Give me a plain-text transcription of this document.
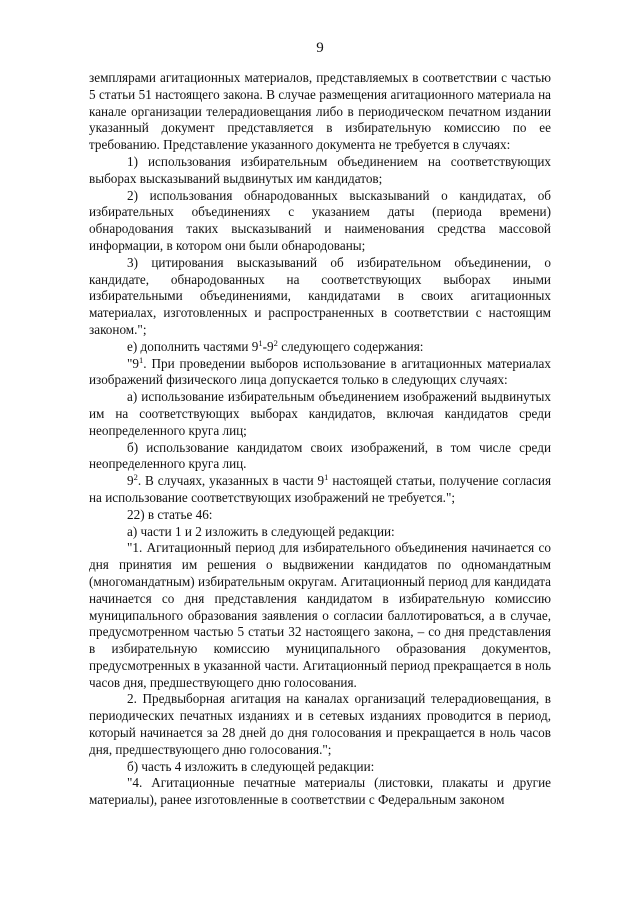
9

земплярами агитационных материалов, представляемых в соответствии с частью 5 статьи 51 настоящего закона. В случае размещения агитационного материала на канале организации телерадиовещания либо в периодическом печатном издании указанный документ представляется в избирательную комиссию по ее требованию. Представление указанного документа не требуется в случаях:

1) использования избирательным объединением на соответствующих выборах высказываний выдвинутых им кандидатов;

2) использования обнародованных высказываний о кандидатах, об избирательных объединениях с указанием даты (периода времени) обнародования таких высказываний и наименования средства массовой информации, в котором они были обнародованы;

3) цитирования высказываний об избирательном объединении, о кандидате, обнародованных на соответствующих выборах иными избирательными объединениями, кандидатами в своих агитационных материалах, изготовленных и распространенных в соответствии с настоящим законом.";

е) дополнить частями $9^1-9^2$ следующего содержания:

"$9^1$. При проведении выборов использование в агитационных материалах изображений физического лица допускается только в следующих случаях:

а) использование избирательным объединением изображений выдвинутых им на соответствующих выборах кандидатов, включая кандидатов среди неопределенного круга лиц;

б) использование кандидатом своих изображений, в том числе среди неопределенного круга лиц.

$9^2$. В случаях, указанных в части $9^1$ настоящей статьи, получение согласия на использование соответствующих изображений не требуется.";

22) в статье 46:

а) части 1 и 2 изложить в следующей редакции:

"1. Агитационный период для избирательного объединения начинается со дня принятия им решения о выдвижении кандидатов по одномандатным (многомандатным) избирательным округам. Агитационный период для кандидата начинается со дня представления кандидатом в избирательную комиссию муниципального образования заявления о согласии баллотироваться, а в случае, предусмотренном частью 5 статьи 32 настоящего закона, – со дня представления в избирательную комиссию муниципального образования документов, предусмотренных в указанной части. Агитационный период прекращается в ноль часов дня, предшествующего дню голосования.

2. Предвыборная агитация на каналах организаций телерадиовещания, в периодических печатных изданиях и в сетевых изданиях проводится в период, который начинается за 28 дней до дня голосования и прекращается в ноль часов дня, предшествующего дню голосования.";

б) часть 4 изложить в следующей редакции:

"4. Агитационные печатные материалы (листовки, плакаты и другие материалы), ранее изготовленные в соответствии с Федеральным законом
